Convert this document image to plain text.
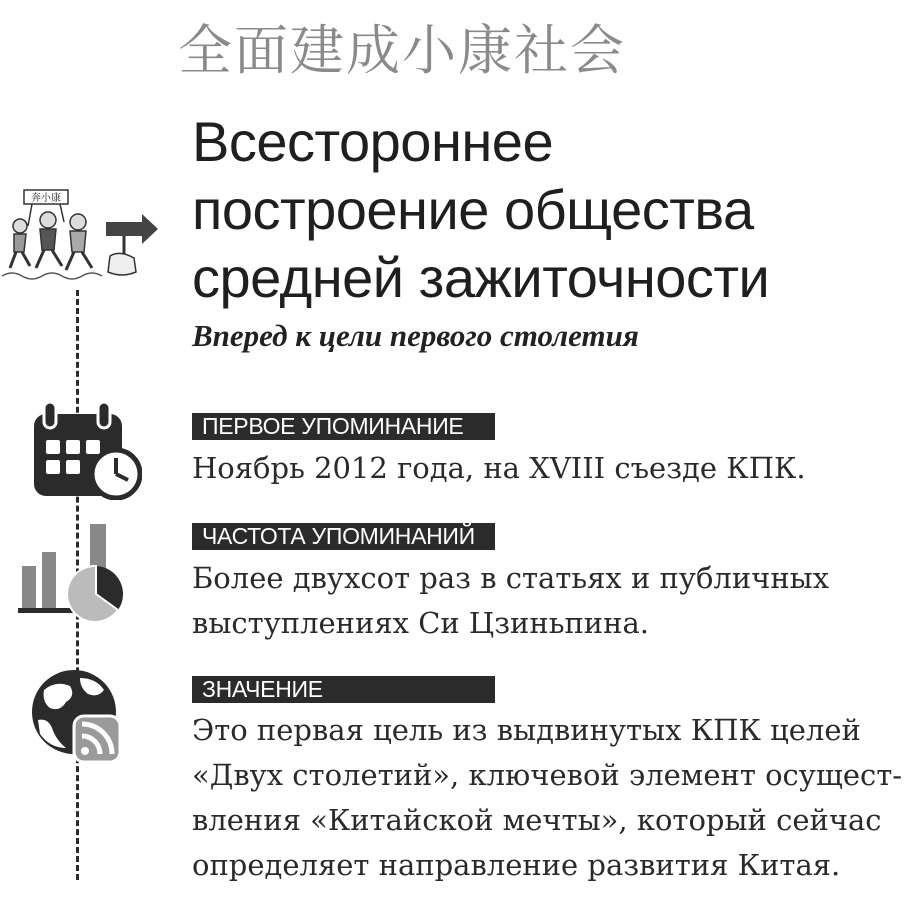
全面建成小康社会
Всестороннее
построение общества
средней зажиточности
Вперед к цели первого столетия
奔小康
ПЕРВОЕ УПОМИНАНИЕ
Ноябрь 2012 года, на XVIII съезде КПК.
ЧАСТОТА УПОМИНАНИЙ
Более двухсот раз в статьях и публичных
выступлениях Си Цзиньпина.
ЗНАЧЕНИЕ
Это первая цель из выдвинутых КПК целей
«Двух столетий», ключевой элемент осущест-
вления «Китайской мечты», который сейчас
определяет направление развития Китая.
